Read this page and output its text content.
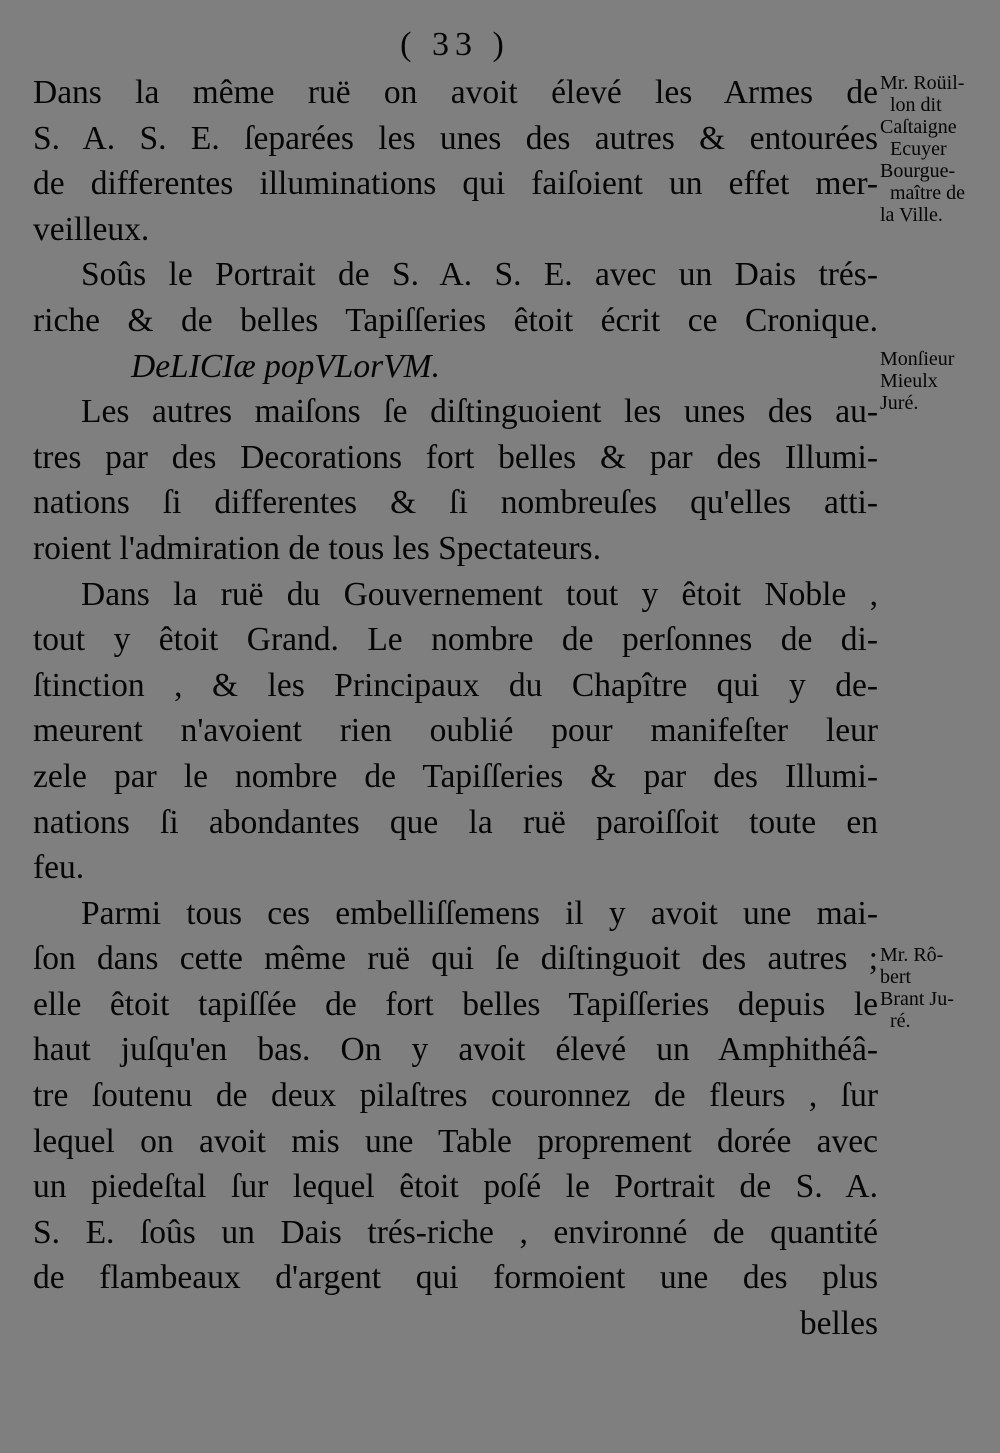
( 33 )
Dans la même ruë on avoit élevé les Armes de
S. A. S. E. ſeparées les unes des autres & entourées
de differentes illuminations qui faiſoient un effet mer-
veilleux.
Soûs le Portrait de S. A. S. E. avec un Dais trés-
riche & de belles Tapiſſeries êtoit écrit ce Cronique.
DeLICIæ popVLorVM.
Les autres maiſons ſe diſtinguoient les unes des au-
tres par des Decorations fort belles & par des Illumi-
nations ſi differentes & ſi nombreuſes qu'elles atti-
roient l'admiration de tous les Spectateurs.
Dans la ruë du Gouvernement tout y êtoit Noble ,
tout y êtoit Grand. Le nombre de perſonnes de di-
ſtinction , & les Principaux du Chapître qui y de-
meurent n'avoient rien oublié pour manifeſter leur
zele par le nombre de Tapiſſeries & par des Illumi-
nations ſi abondantes que la ruë paroiſſoit toute en
feu.
Parmi tous ces embelliſſemens il y avoit une mai-
ſon dans cette même ruë qui ſe diſtinguoit des autres ;
elle êtoit tapiſſée de fort belles Tapiſſeries depuis le
haut juſqu'en bas. On y avoit élevé un Amphithéâ-
tre ſoutenu de deux pilaſtres couronnez de fleurs , ſur
lequel on avoit mis une Table proprement dorée avec
un piedeſtal ſur lequel êtoit poſé le Portrait de S. A.
S. E. ſoûs un Dais trés-riche , environné de quantité
de flambeaux d'argent qui formoient une des plus
belles
Mr. Roüil-
lon dit
Caſtaigne
Ecuyer
Bourgue-
maître de
la Ville.
Monſieur
Mieulx
Juré.
Mr. Rô-
bert
Brant Ju-
ré.
